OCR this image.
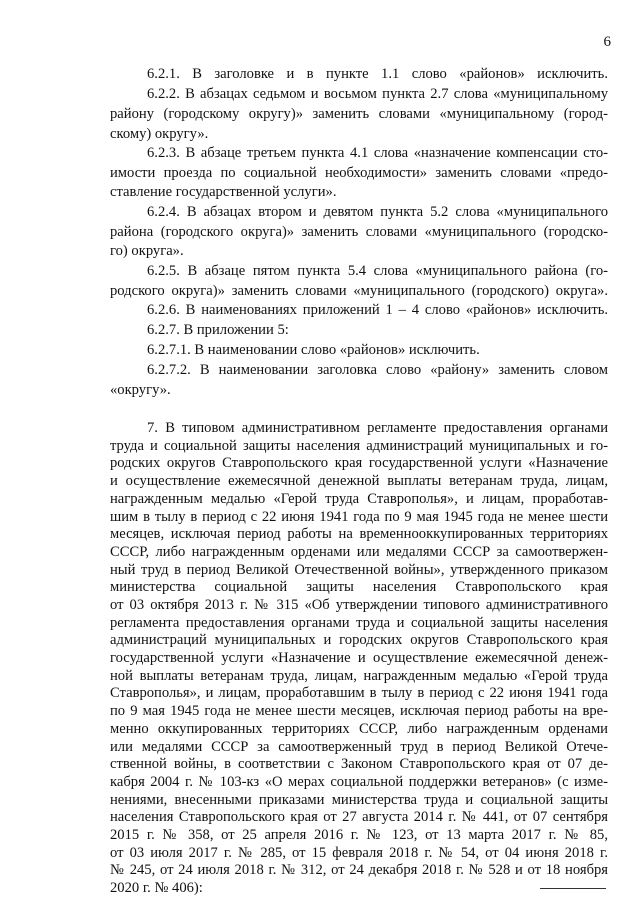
6
6.2.1. В заголовке и в пункте 1.1 слово «районов» исключить.
6.2.2. В абзацах седьмом и восьмом пункта 2.7 слова «муниципальному
району (городскому округу)» заменить словами «муниципальному (город-
скому) округу».
6.2.3. В абзаце третьем пункта 4.1 слова «назначение компенсации сто-
имости проезда по социальной необходимости» заменить словами «предо-
ставление государственной услуги».
6.2.4. В абзацах втором и девятом пункта 5.2 слова «муниципального
района (городского округа)» заменить словами «муниципального (городско-
го) округа».
6.2.5. В абзаце пятом пункта 5.4 слова «муниципального района (го-
родского округа)» заменить словами «муниципального (городского) округа».
6.2.6. В наименованиях приложений 1 – 4 слово «районов» исключить.
6.2.7. В приложении 5:
6.2.7.1. В наименовании слово «районов» исключить.
6.2.7.2. В наименовании заголовка слово «району» заменить словом
«округу».
7. В типовом административном регламенте предоставления органами
труда и социальной защиты населения администраций муниципальных и го-
родских округов Ставропольского края государственной услуги «Назначение
и осуществление ежемесячной денежной выплаты ветеранам труда, лицам,
награжденным медалью «Герой труда Ставрополья», и лицам, проработав-
шим в тылу в период с 22 июня 1941 года по 9 мая 1945 года не менее шести
месяцев, исключая период работы на временнооккупированных территориях
СССР, либо награжденным орденами или медалями СССР за самоотвержен-
ный труд в период Великой Отечественной войны», утвержденного приказом
министерства социальной защиты населения Ставропольского края
от 03 октября 2013 г. № 315 «Об утверждении типового административного
регламента предоставления органами труда и социальной защиты населения
администраций муниципальных и городских округов Ставропольского края
государственной услуги «Назначение и осуществление ежемесячной денеж-
ной выплаты ветеранам труда, лицам, награжденным медалью «Герой труда
Ставрополья», и лицам, проработавшим в тылу в период с 22 июня 1941 года
по 9 мая 1945 года не менее шести месяцев, исключая период работы на вре-
менно оккупированных территориях СССР, либо награжденным орденами
или медалями СССР за самоотверженный труд в период Великой Отече-
ственной войны, в соответствии с Законом Ставропольского края от 07 де-
кабря 2004 г. № 103-кз «О мерах социальной поддержки ветеранов» (с изме-
нениями, внесенными приказами министерства труда и социальной защиты
населения Ставропольского края от 27 августа 2014 г. № 441, от 07 сентября
2015 г. № 358, от 25 апреля 2016 г. № 123, от 13 марта 2017 г. № 85,
от 03 июля 2017 г. № 285, от 15 февраля 2018 г. № 54, от 04 июня 2018 г.
№ 245, от 24 июля 2018 г. № 312, от 24 декабря 2018 г. № 528 и от 18 ноября
2020 г. № 406):
